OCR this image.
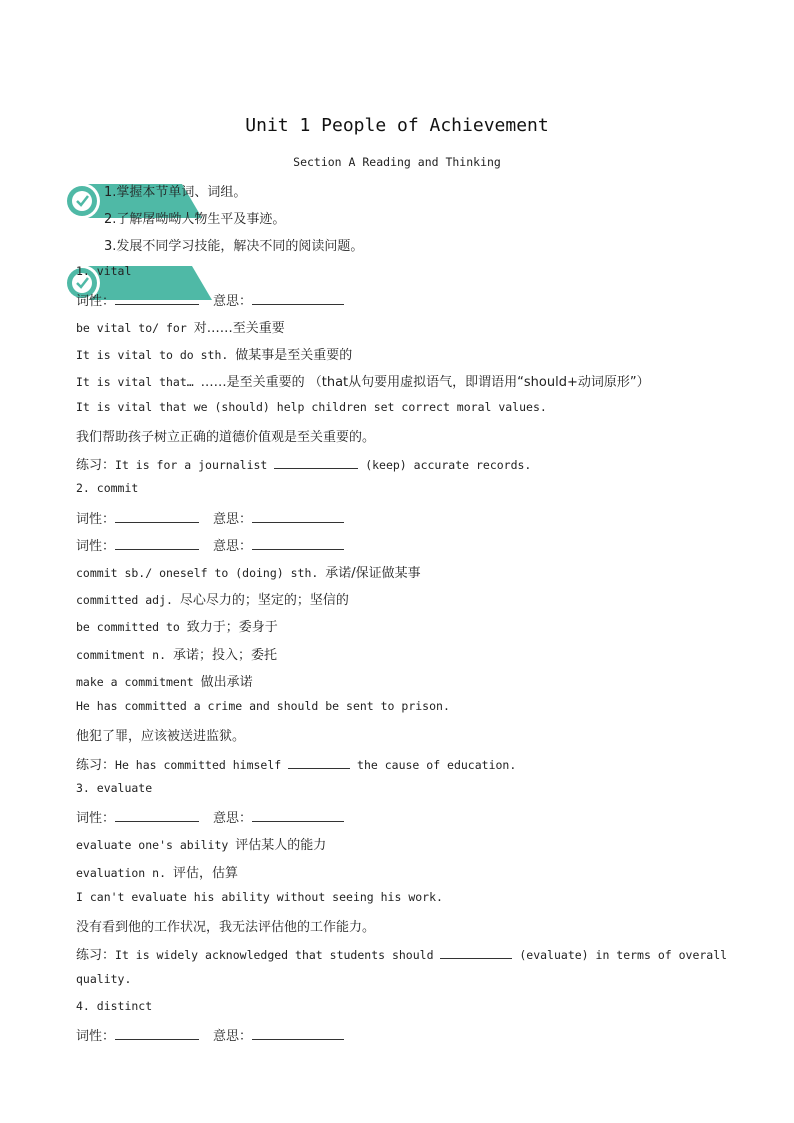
Unit 1 People of Achievement
Section A Reading and Thinking
1.掌握本节单词、词组。
2.了解屠呦呦人物生平及事迹。
3.发展不同学习技能，解决不同的阅读问题。
1. vital
词性：	意思：
be vital to/ for 对……至关重要
It is vital to do sth. 做某事是至关重要的
It is vital that… ……是至关重要的 （that从句要用虚拟语气，即谓语用“should+动词原形”）
It is vital that we (should) help children set correct moral values.
我们帮助孩子树立正确的道德价值观是至关重要的。
练习：It is for a journalist	(keep) accurate records.
2. commit
词性：	意思：
词性：	意思：
commit sb./ oneself to (doing) sth. 承诺/保证做某事
committed adj. 尽心尽力的；坚定的；坚信的
be committed to 致力于；委身于
commitment n. 承诺；投入；委托
make a commitment 做出承诺
He has committed a crime and should be sent to prison.
他犯了罪，应该被送进监狱。
练习：He has committed himself	the cause of education.
3. evaluate
词性：	意思：
evaluate one's ability 评估某人的能力
evaluation n. 评估，估算
I can't evaluate his ability without seeing his work.
没有看到他的工作状况，我无法评估他的工作能力。
练习：It is widely acknowledged that students should	(evaluate) in terms of overall
quality.
4. distinct
词性：	意思：
